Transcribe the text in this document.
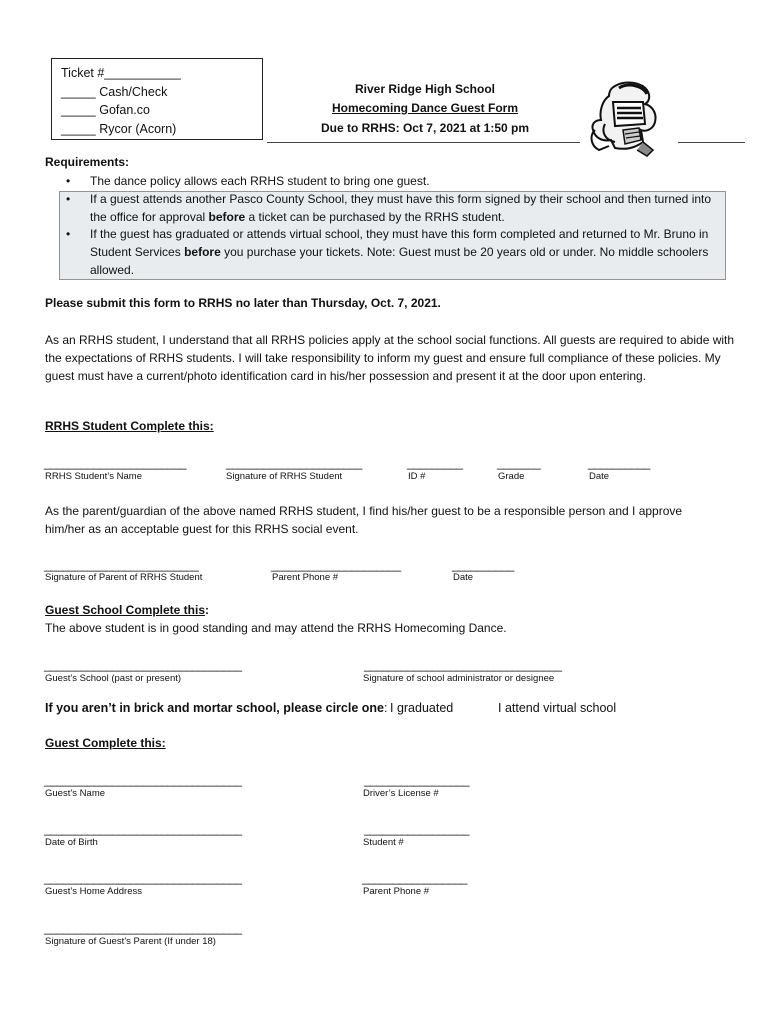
Ticket #___________
_____ Cash/Check
_____ Gofan.co
_____ Rycor (Acorn)
River Ridge High School
Homecoming Dance Guest Form
Due to RRHS: Oct 7, 2021 at 1:50 pm
Requirements:
• The dance policy allows each RRHS student to bring one guest.
• If a guest attends another Pasco County School, they must have this form signed by their school and then turned into the office for approval before a ticket can be purchased by the RRHS student.
• If the guest has graduated or attends virtual school, they must have this form completed and returned to Mr. Bruno in Student Services before you purchase your tickets. Note: Guest must be 20 years old or under. No middle schoolers allowed.
Please submit this form to RRHS no later than Thursday, Oct. 7, 2021.
As an RRHS student, I understand that all RRHS policies apply at the school social functions. All guests are required to abide with the expectations of RRHS students. I will take responsibility to inform my guest and ensure full compliance of these policies. My guest must have a current/photo identification card in his/her possession and present it at the door upon entering.
RRHS Student Complete this:
_______________________
RRHS Student’s Name
______________________
Signature of RRHS Student
_________
ID #
_______
Grade
__________
Date
As the parent/guardian of the above named RRHS student, I find his/her guest to be a responsible person and I approve him/her as an acceptable guest for this RRHS social event.
_________________________
Signature of Parent of RRHS Student
_____________________
Parent Phone #
__________
Date
Guest School Complete this:
The above student is in good standing and may attend the RRHS Homecoming Dance.
________________________________
Guest’s School (past or present)
________________________________
Signature of school administrator or designee
If you aren’t in brick and mortar school, please circle one: I graduated	I attend virtual school
Guest Complete this:
________________________________
Guest’s Name
_________________
Driver’s License #
________________________________
Date of Birth
_________________
Student #
________________________________
Guest’s Home Address
_________________
Parent Phone #
________________________________
Signature of Guest’s Parent (If under 18)
